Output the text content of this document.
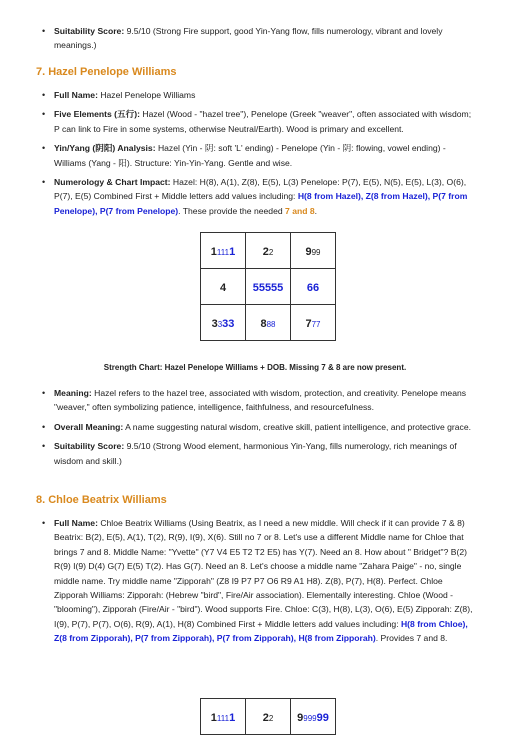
• Suitability Score: 9.5/10 (Strong Fire support, good Yin-Yang flow, fills numerology, vibrant and lovely meanings.)
7. Hazel Penelope Williams
• Full Name: Hazel Penelope Williams
• Five Elements (五行): Hazel (Wood - "hazel tree"), Penelope (Greek "weaver", often associated with wisdom; P can link to Fire in some systems, otherwise Neutral/Earth). Wood is primary and excellent.
• Yin/Yang (阴阳) Analysis: Hazel (Yin - 阴: soft 'L' ending) - Penelope (Yin - 阴: flowing, vowel ending) - Williams (Yang - 阳). Structure: Yin-Yin-Yang. Gentle and wise.
• Numerology & Chart Impact: Hazel: H(8), A(1), Z(8), E(5), L(3) Penelope: P(7), E(5), N(5), E(5), L(3), O(6), P(7), E(5) Combined First + Middle letters add values including: H(8 from Hazel), Z(8 from Hazel), P(7 from Penelope), P(7 from Penelope). These provide the needed 7 and 8.
11111	22	999
4	55555	66
3333	888	777
Strength Chart: Hazel Penelope Williams + DOB. Missing 7 & 8 are now present.
• Meaning: Hazel refers to the hazel tree, associated with wisdom, protection, and creativity. Penelope means "weaver," often symbolizing patience, intelligence, faithfulness, and resourcefulness.
• Overall Meaning: A name suggesting natural wisdom, creative skill, patient intelligence, and protective grace.
• Suitability Score: 9.5/10 (Strong Wood element, harmonious Yin-Yang, fills numerology, rich meanings of wisdom and skill.)
8. Chloe Beatrix Williams
• Full Name: Chloe Beatrix Williams (Using Beatrix, as I need a new middle. Will check if it can provide 7 & 8) Beatrix: B(2), E(5), A(1), T(2), R(9), I(9), X(6). Still no 7 or 8. Let's use a different Middle name for Chloe that brings 7 and 8. Middle Name: "Yvette" (Y7 V4 E5 T2 T2 E5) has Y(7). Need an 8. How about " Bridget"? B(2) R(9) I(9) D(4) G(7) E(5) T(2). Has G(7). Need an 8. Let's choose a middle name "Zahara Paige" - no, single middle name. Try middle name "Zipporah" (Z8 I9 P7 P7 O6 R9 A1 H8). Z(8), P(7), H(8). Perfect. Chloe Zipporah Williams: Zipporah: (Hebrew "bird", Fire/Air association). Elementally interesting. Chloe (Wood - "blooming"), Zipporah (Fire/Air - "bird"). Wood supports Fire. Chloe: C(3), H(8), L(3), O(6), E(5) Zipporah: Z(8), I(9), P(7), P(7), O(6), R(9), A(1), H(8) Combined First + Middle letters add values including: H(8 from Chloe), Z(8 from Zipporah), P(7 from Zipporah), P(7 from Zipporah), H(8 from Zipporah). Provides 7 and 8.
11111	22	999999
